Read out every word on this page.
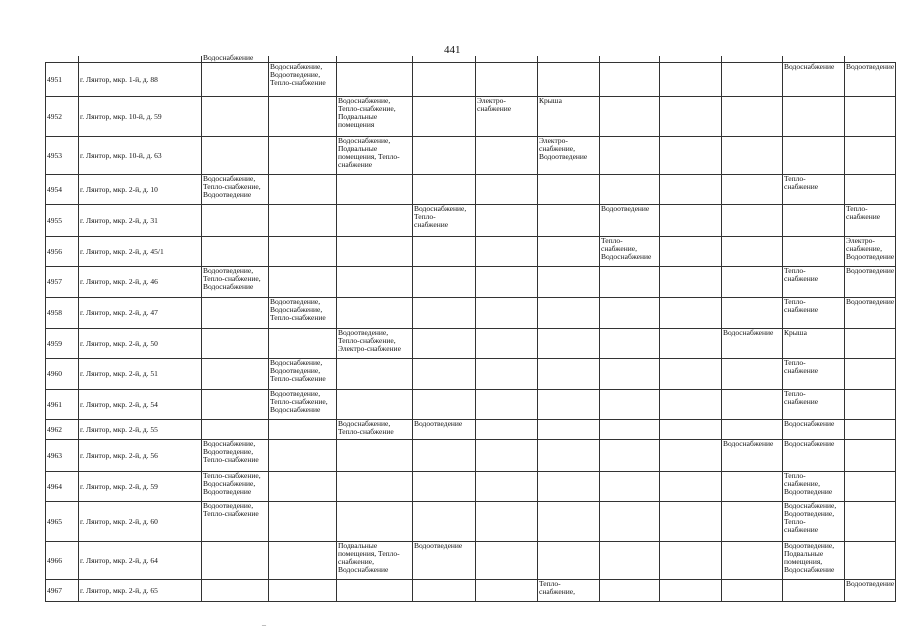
441
Водоснабжение
4951	г. Лянтор, мкр. 1-й, д. 88		Водоснабжение,
Водоотведение,
Тепло-снабжение								Водоснабжение	Водоотведение
4952	г. Лянтор, мкр. 10-й, д. 59			Водоснабжение,
Тепло-снабжение,
Подвальные
помещения		Электро-
снабжение	Крыша					
4953	г. Лянтор, мкр. 10-й, д. 63			Водоснабжение,
Подвальные
помещения, Тепло-
снабжение			Электро-
снабжение,
Водоотведение					
4954	г. Лянтор, мкр. 2-й, д. 10	Водоснабжение,
Тепло-снабжение,
Водоотведение									Тепло-
снабжение	
4955	г. Лянтор, мкр. 2-й, д. 31				Водоснабжение,
Тепло-
снабжение			Водоотведение				Тепло-
снабжение
4956	г. Лянтор, мкр. 2-й, д. 45/1							Тепло-
снабжение,
Водоснабжение				Электро-
снабжение,
Водоотведение
4957	г. Лянтор, мкр. 2-й, д. 46	Водоотведение,
Тепло-снабжение,
Водоснабжение									Тепло-
снабжение	Водоотведение
4958	г. Лянтор, мкр. 2-й, д. 47		Водоотведение,
Водоснабжение,
Тепло-снабжение								Тепло-
снабжение	Водоотведение
4959	г. Лянтор, мкр. 2-й, д. 50			Водоотведение,
Тепло-снабжение,
Электро-снабжение						Водоснабжение	Крыша	
4960	г. Лянтор, мкр. 2-й, д. 51		Водоснабжение,
Водоотведение,
Тепло-снабжение								Тепло-
снабжение	
4961	г. Лянтор, мкр. 2-й, д. 54		Водоотведение,
Тепло-снабжение,
Водоснабжение								Тепло-
снабжение	
4962	г. Лянтор, мкр. 2-й, д. 55			Водоснабжение,
Тепло-снабжение	Водоотведение						Водоснабжение	
4963	г. Лянтор, мкр. 2-й, д. 56	Водоснабжение,
Водоотведение,
Тепло-снабжение								Водоснабжение	Водоснабжение	
4964	г. Лянтор, мкр. 2-й, д. 59	Тепло-снабжение,
Водоснабжение,
Водоотведение									Тепло-
снабжение,
Водоотведение	
4965	г. Лянтор, мкр. 2-й, д. 60	Водоотведение,
Тепло-снабжение									Водоснабжение,
Водоотведение,
Тепло-
снабжение	
4966	г. Лянтор, мкр. 2-й, д. 64			Подвальные
помещения, Тепло-
снабжение,
Водоснабжение	Водоотведение						Водоотведение,
Подвальные
помещения,
Водоснабжение	
4967	г. Лянтор, мкр. 2-й, д. 65						Тепло-
снабжение,					Водоотведение
–
